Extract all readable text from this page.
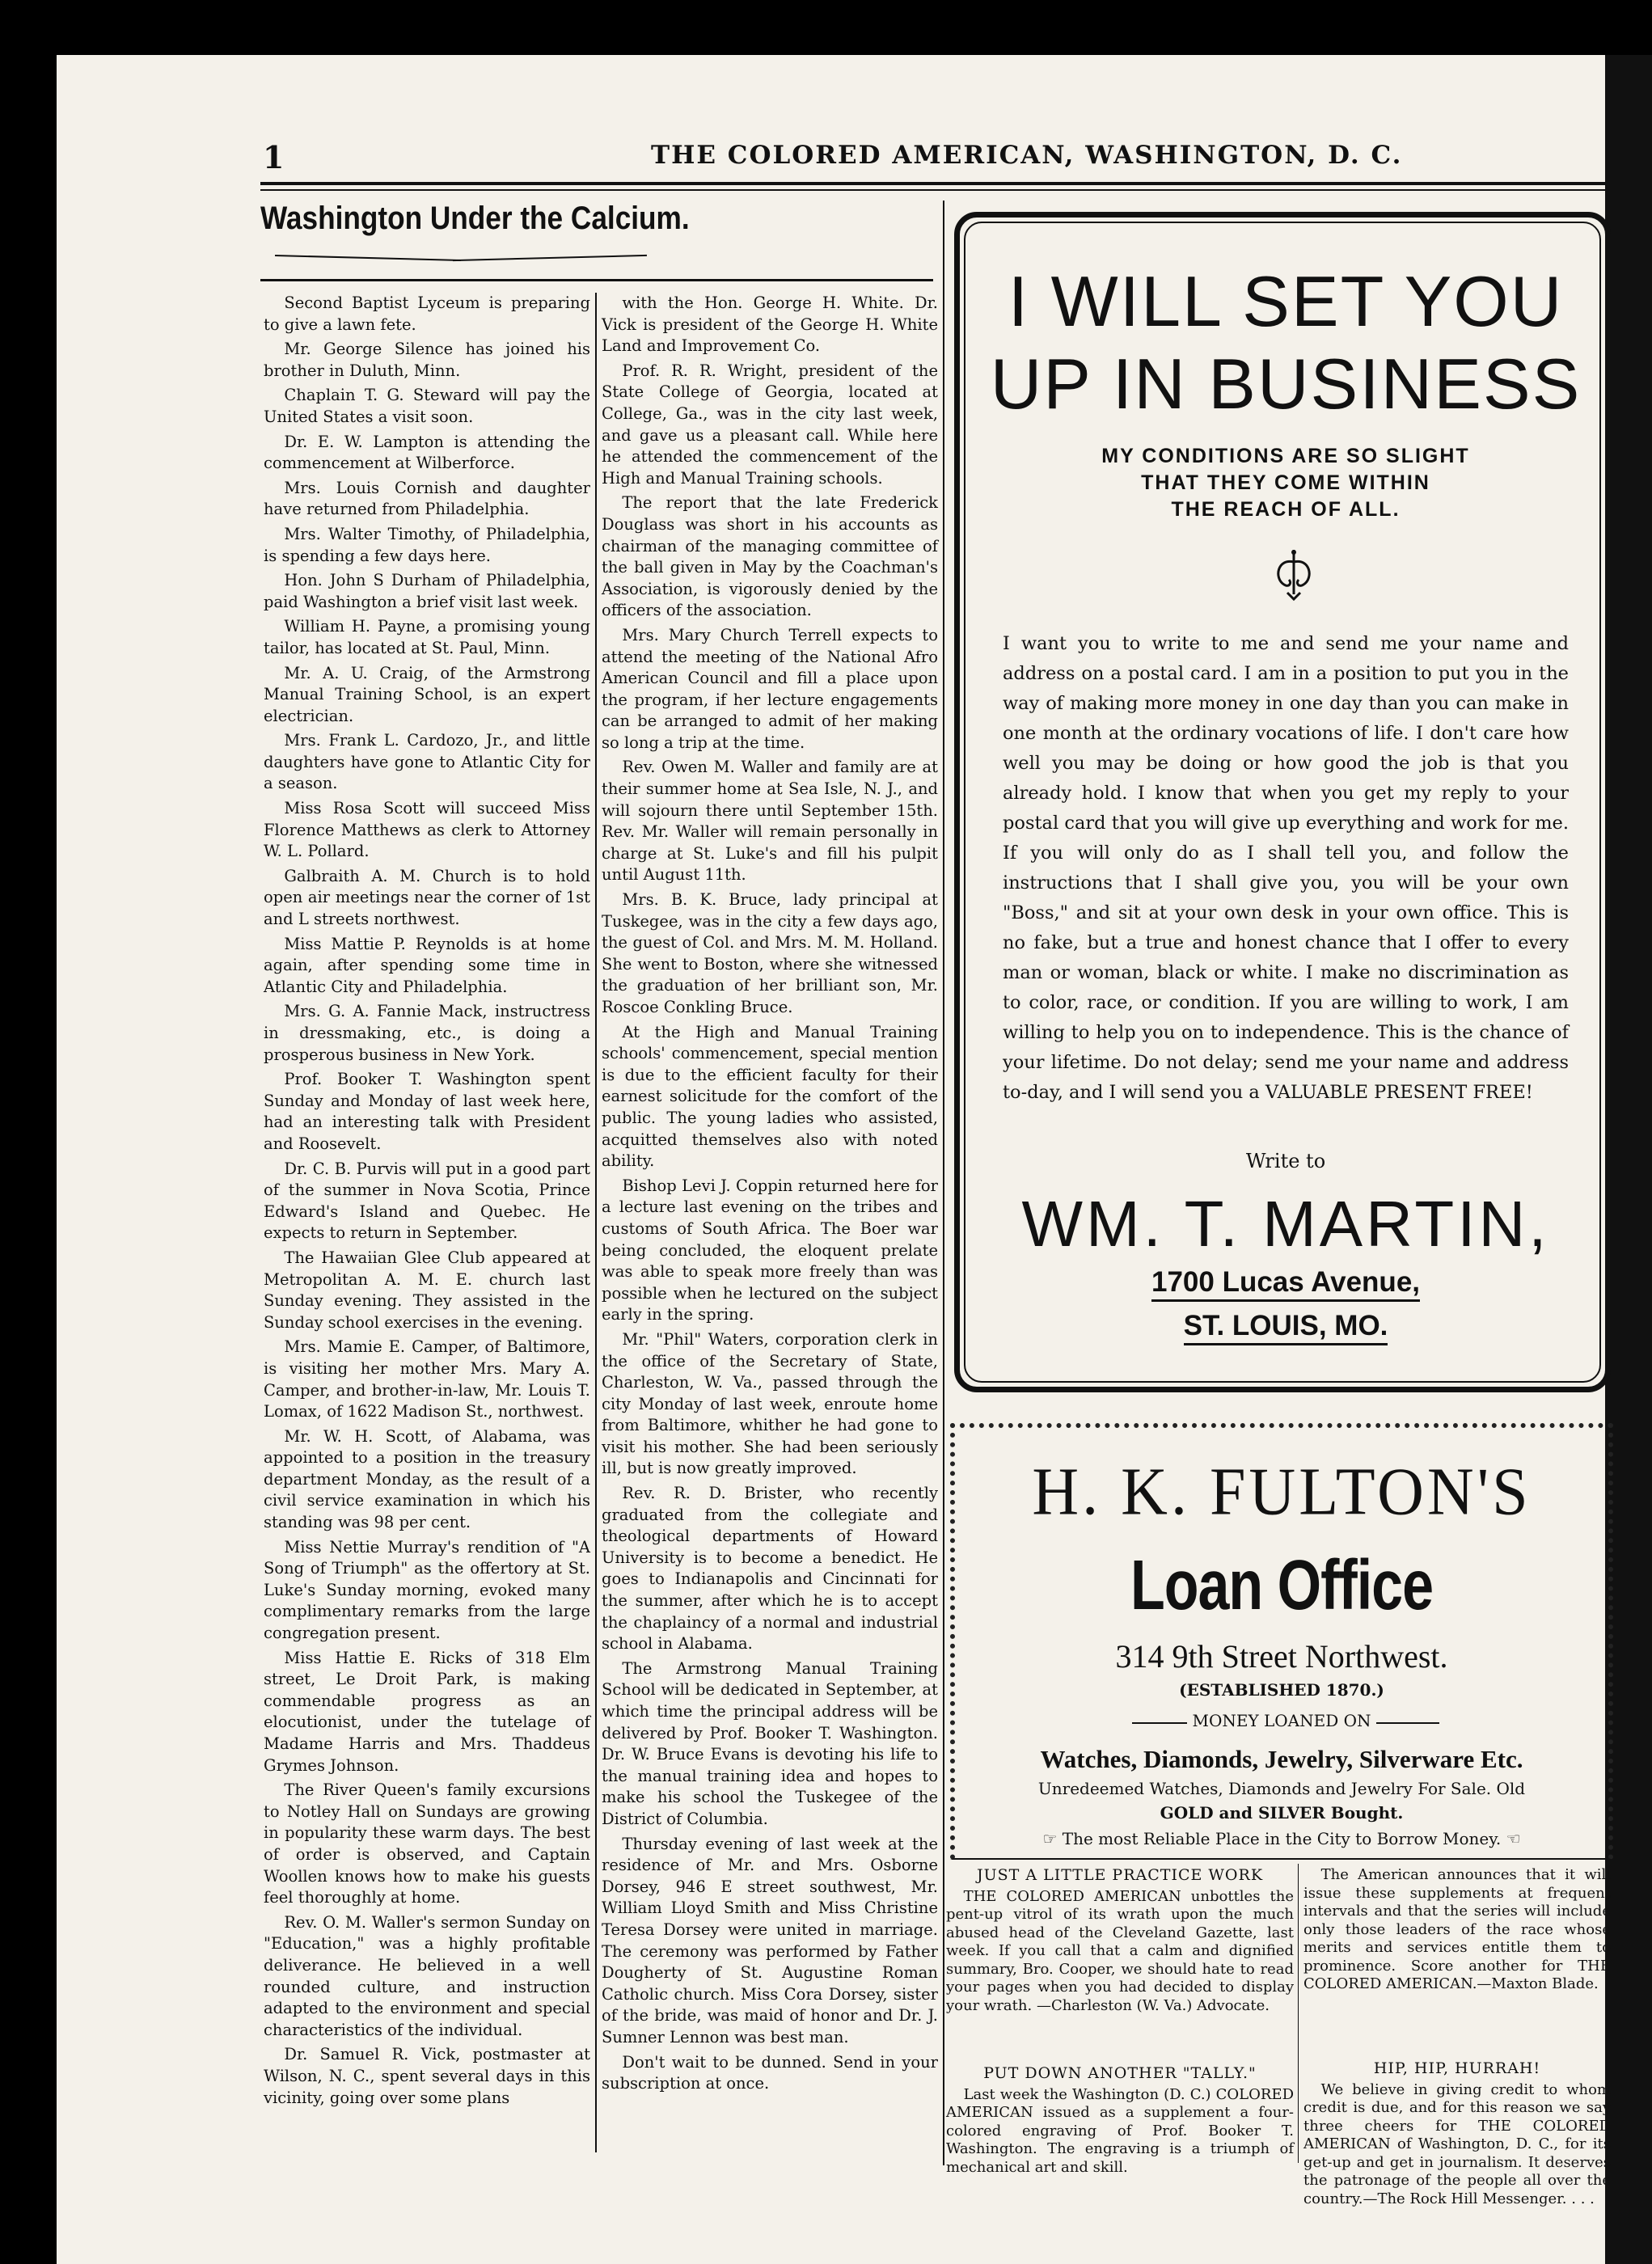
1	THE COLORED AMERICAN, WASHINGTON, D. C.
Washington Under the Calcium.

Second Baptist Lyceum is preparing to give a lawn fete.

Mr. George Silence has joined his brother in Duluth, Minn.

Chaplain T. G. Steward will pay the United States a visit soon.

Dr. E. W. Lampton is attending the commencement at Wilberforce.

Mrs. Louis Cornish and daughter have returned from Philadelphia.

Mrs. Walter Timothy, of Philadelphia, is spending a few days here.

Hon. John S Durham of Philadelphia, paid Washington a brief visit last week.

William H. Payne, a promising young tailor, has located at St. Paul, Minn.

Mr. A. U. Craig, of the Armstrong Manual Training School, is an expert electrician.

Mrs. Frank L. Cardozo, Jr., and little daughters have gone to Atlantic City for a season.

Miss Rosa Scott will succeed Miss Florence Matthews as clerk to Attorney W. L. Pollard.

Galbraith A. M. Church is to hold open air meetings near the corner of 1st and L streets northwest.

Miss Mattie P. Reynolds is at home again, after spending some time in Atlantic City and Philadelphia.

Mrs. G. A. Fannie Mack, instructress in dressmaking, etc., is doing a prosperous business in New York.

Prof. Booker T. Washington spent Sunday and Monday of last week here, had an interesting talk with President and Roosevelt.

Dr. C. B. Purvis will put in a good part of the summer in Nova Scotia, Prince Edward's Island and Quebec. He expects to return in September.

The Hawaiian Glee Club appeared at Metropolitan A. M. E. church last Sunday evening. They assisted in the Sunday school exercises in the evening.

Mrs. Mamie E. Camper, of Baltimore, is visiting her mother Mrs. Mary A. Camper, and brother-in-law, Mr. Louis T. Lomax, of 1622 Madison St., northwest.

Mr. W. H. Scott, of Alabama, was appointed to a position in the treasury department Monday, as the result of a civil service examination in which his standing was 98 per cent.

Miss Nettie Murray's rendition of "A Song of Triumph" as the offertory at St. Luke's Sunday morning, evoked many complimentary remarks from the large congregation present.

Miss Hattie E. Ricks of 318 Elm street, Le Droit Park, is making commendable progress as an elocutionist, under the tutelage of Madame Harris and Mrs. Thaddeus Grymes Johnson.

The River Queen's family excursions to Notley Hall on Sundays are growing in popularity these warm days. The best of order is observed, and Captain Woollen knows how to make his guests feel thoroughly at home.

Rev. O. M. Waller's sermon Sunday on "Education," was a highly profitable deliverance. He believed in a well rounded culture, and instruction adapted to the environment and special characteristics of the individual.

Dr. Samuel R. Vick, postmaster at Wilson, N. C., spent several days in this vicinity, going over some plans

with the Hon. George H. White. Dr. Vick is president of the George H. White Land and Improvement Co.

Prof. R. R. Wright, president of the State College of Georgia, located at College, Ga., was in the city last week, and gave us a pleasant call. While here he attended the commencement of the High and Manual Training schools.

The report that the late Frederick Douglass was short in his accounts as chairman of the managing committee of the ball given in May by the Coachman's Association, is vigorously denied by the officers of the association.

Mrs. Mary Church Terrell expects to attend the meeting of the National Afro American Council and fill a place upon the program, if her lecture engagements can be arranged to admit of her making so long a trip at the time.

Rev. Owen M. Waller and family are at their summer home at Sea Isle, N. J., and will sojourn there until September 15th. Rev. Mr. Waller will remain personally in charge at St. Luke's and fill his pulpit until August 11th.

Mrs. B. K. Bruce, lady principal at Tuskegee, was in the city a few days ago, the guest of Col. and Mrs. M. M. Holland. She went to Boston, where she witnessed the graduation of her brilliant son, Mr. Roscoe Conkling Bruce.

At the High and Manual Training schools' commencement, special mention is due to the efficient faculty for their earnest solicitude for the comfort of the public. The young ladies who assisted, acquitted themselves also with noted ability.

Bishop Levi J. Coppin returned here for a lecture last evening on the tribes and customs of South Africa. The Boer war being concluded, the eloquent prelate was able to speak more freely than was possible when he lectured on the subject early in the spring.

Mr. "Phil" Waters, corporation clerk in the office of the Secretary of State, Charleston, W. Va., passed through the city Monday of last week, enroute home from Baltimore, whither he had gone to visit his mother. She had been seriously ill, but is now greatly improved.

Rev. R. D. Brister, who recently graduated from the collegiate and theological departments of Howard University is to become a benedict. He goes to Indianapolis and Cincinnati for the summer, after which he is to accept the chaplaincy of a normal and industrial school in Alabama.

The Armstrong Manual Training School will be dedicated in September, at which time the principal address will be delivered by Prof. Booker T. Washington. Dr. W. Bruce Evans is devoting his life to the manual training idea and hopes to make his school the Tuskegee of the District of Columbia.

Thursday evening of last week at the residence of Mr. and Mrs. Osborne Dorsey, 946 E street southwest, Mr. William Lloyd Smith and Miss Christine Teresa Dorsey were united in marriage. The ceremony was performed by Father Dougherty of St. Augustine Roman Catholic church. Miss Cora Dorsey, sister of the bride, was maid of honor and Dr. J. Sumner Lennon was best man.

Don't wait to be dunned. Send in your subscription at once.

I WILL SET YOU
UP IN BUSINESS
MY CONDITIONS ARE SO SLIGHT
THAT THEY COME WITHIN
THE REACH OF ALL.
I want you to write to me and send me your name and address on a postal card. I am in a position to put you in the way of making more money in one day than you can make in one month at the ordinary vocations of life. I don't care how well you may be doing or how good the job is that you already hold. I know that when you get my reply to your postal card that you will give up everything and work for me. If you will only do as I shall tell you, and follow the instructions that I shall give you, you will be your own "Boss," and sit at your own desk in your own office. This is no fake, but a true and honest chance that I offer to every man or woman, black or white. I make no discrimination as to color, race, or condition. If you are willing to work, I am willing to help you on to independence. This is the chance of your lifetime. Do not delay; send me your name and address to-day, and I will send you a VALUABLE PRESENT FREE!
Write to
WM. T. MARTIN,
1700 Lucas Avenue,
ST. LOUIS, MO.
H. K. FULTON'S
Loan Office
314 9th Street Northwest.
(ESTABLISHED 1870.)
MONEY LOANED ON
Watches, Diamonds, Jewelry, Silverware Etc.
Unredeemed Watches, Diamonds and Jewelry For Sale. Old
GOLD and SILVER Bought.
☞ The most Reliable Place in the City to Borrow Money. ☜
JUST A LITTLE PRACTICE WORK

THE COLORED AMERICAN unbottles the pent-up vitrol of its wrath upon the much abused head of the Cleveland Gazette, last week. If you call that a calm and dignified summary, Bro. Cooper, we should hate to read your pages when you had decided to display your wrath. —Charleston (W. Va.) Advocate.

The American announces that it will issue these supplements at frequent intervals and that the series will include only those leaders of the race whose merits and services entitle them to prominence. Score another for THE COLORED AMERICAN.—Maxton Blade.

PUT DOWN ANOTHER "TALLY."

Last week the Washington (D. C.) COLORED AMERICAN issued as a supplement a four-colored engraving of Prof. Booker T. Washington. The engraving is a triumph of mechanical art and skill.

HIP, HIP, HURRAH!

We believe in giving credit to whom credit is due, and for this reason we say three cheers for THE COLORED AMERICAN of Washington, D. C., for its get-up and get in journalism. It deserves the patronage of the people all over the country.—The Rock Hill Messenger. . . .
